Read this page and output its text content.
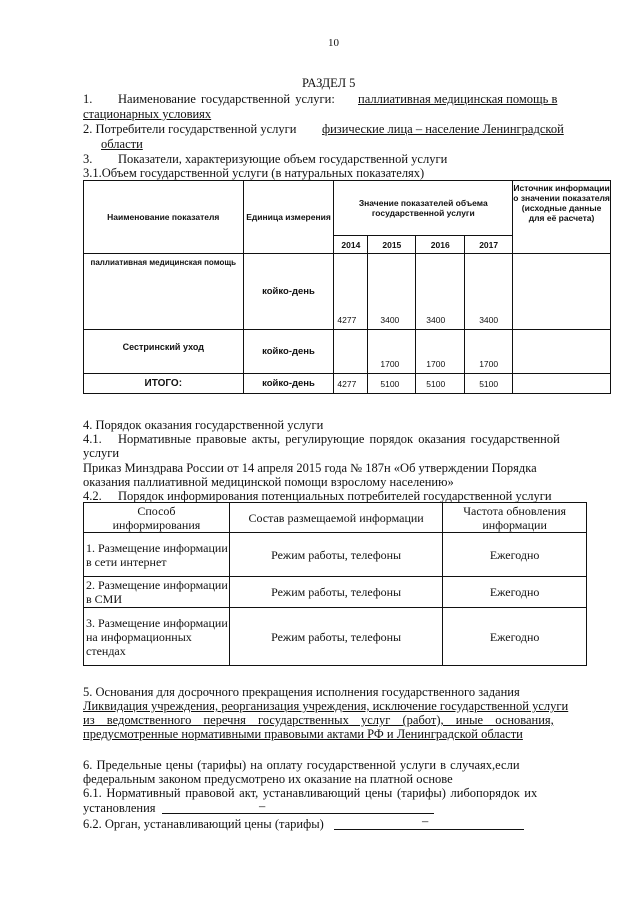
10
РАЗДЕЛ 5
1. Наименование государственной услуги: паллиативная медицинская помощь в
стационарных условиях
2. Потребители государственной услуги физические лица – население Ленинградской
области
3. Показатели, характеризующие объем государственной услуги
3.1.Объем государственной услуги (в натуральных показателях)
Наименование показателя	Единица измерения	Значение показателей объема государственной услуги				Источник информации о значении показателя (исходные данные для её расчета)
		2014	2015	2016	2017	
паллиативная медицинская помощь	койко-день	4277	3400	3400	3400	
Сестринский уход	койко-день		1700	1700	1700	
ИТОГО:	койко-день	4277	5100	5100	5100	
4. Порядок оказания государственной услуги
4.1. Нормативные правовые акты, регулирующие порядок оказания государственной
услуги
Приказ Минздрава России от 14 апреля 2015 года № 187н «Об утверждении Порядка
оказания паллиативной медицинской помощи взрослому населению»
4.2. Порядок информирования потенциальных потребителей государственной услуги
Способ информирования	Состав размещаемой информации	Частота обновления информации
1. Размещение информации в сети интернет	Режим работы, телефоны	Ежегодно
2. Размещение информации в СМИ	Режим работы, телефоны	Ежегодно
3. Размещение информации на информационных стендах	Режим работы, телефоны	Ежегодно
5. Основания для досрочного прекращения исполнения государственного задания
Ликвидация учреждения, реорганизация учреждения, исключение государственной услуги
из ведомственного перечня государственных услуг (работ), иные основания,
предусмотренные нормативными правовыми актами РФ и Ленинградской области
6. Предельные цены (тарифы) на оплату государственной услуги в случаях,если
федеральным законом предусмотрено их оказание на платной основе
6.1. Нормативный правовой акт, устанавливающий цены (тарифы) либопорядок их
установления	–
6.2. Орган, устанавливающий цены (тарифы)	–
